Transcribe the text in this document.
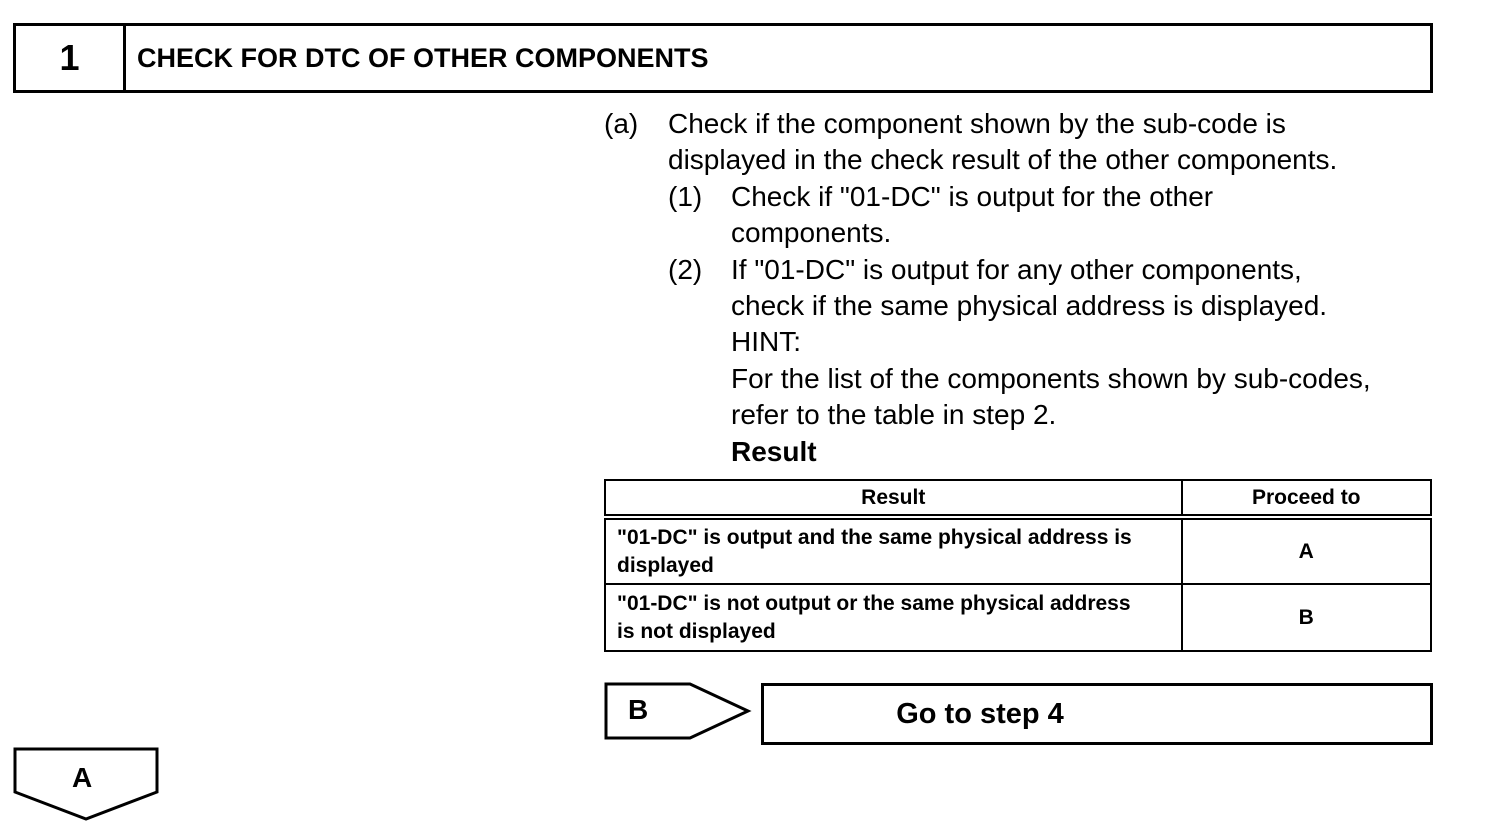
1	CHECK FOR DTC OF OTHER COMPONENTS
(a) Check if the component shown by the sub-code is
displayed in the check result of the other components.
(1) Check if "01-DC" is output for the other
components.
(2) If "01-DC" is output for any other components,
check if the same physical address is displayed.
HINT:
For the list of the components shown by sub-codes,
refer to the table in step 2.
Result
Result	Proceed to

"01-DC" is output and the same physical address is
displayed	A

"01-DC" is not output or the same physical address
is not displayed	B
B	Go to step 4
A
